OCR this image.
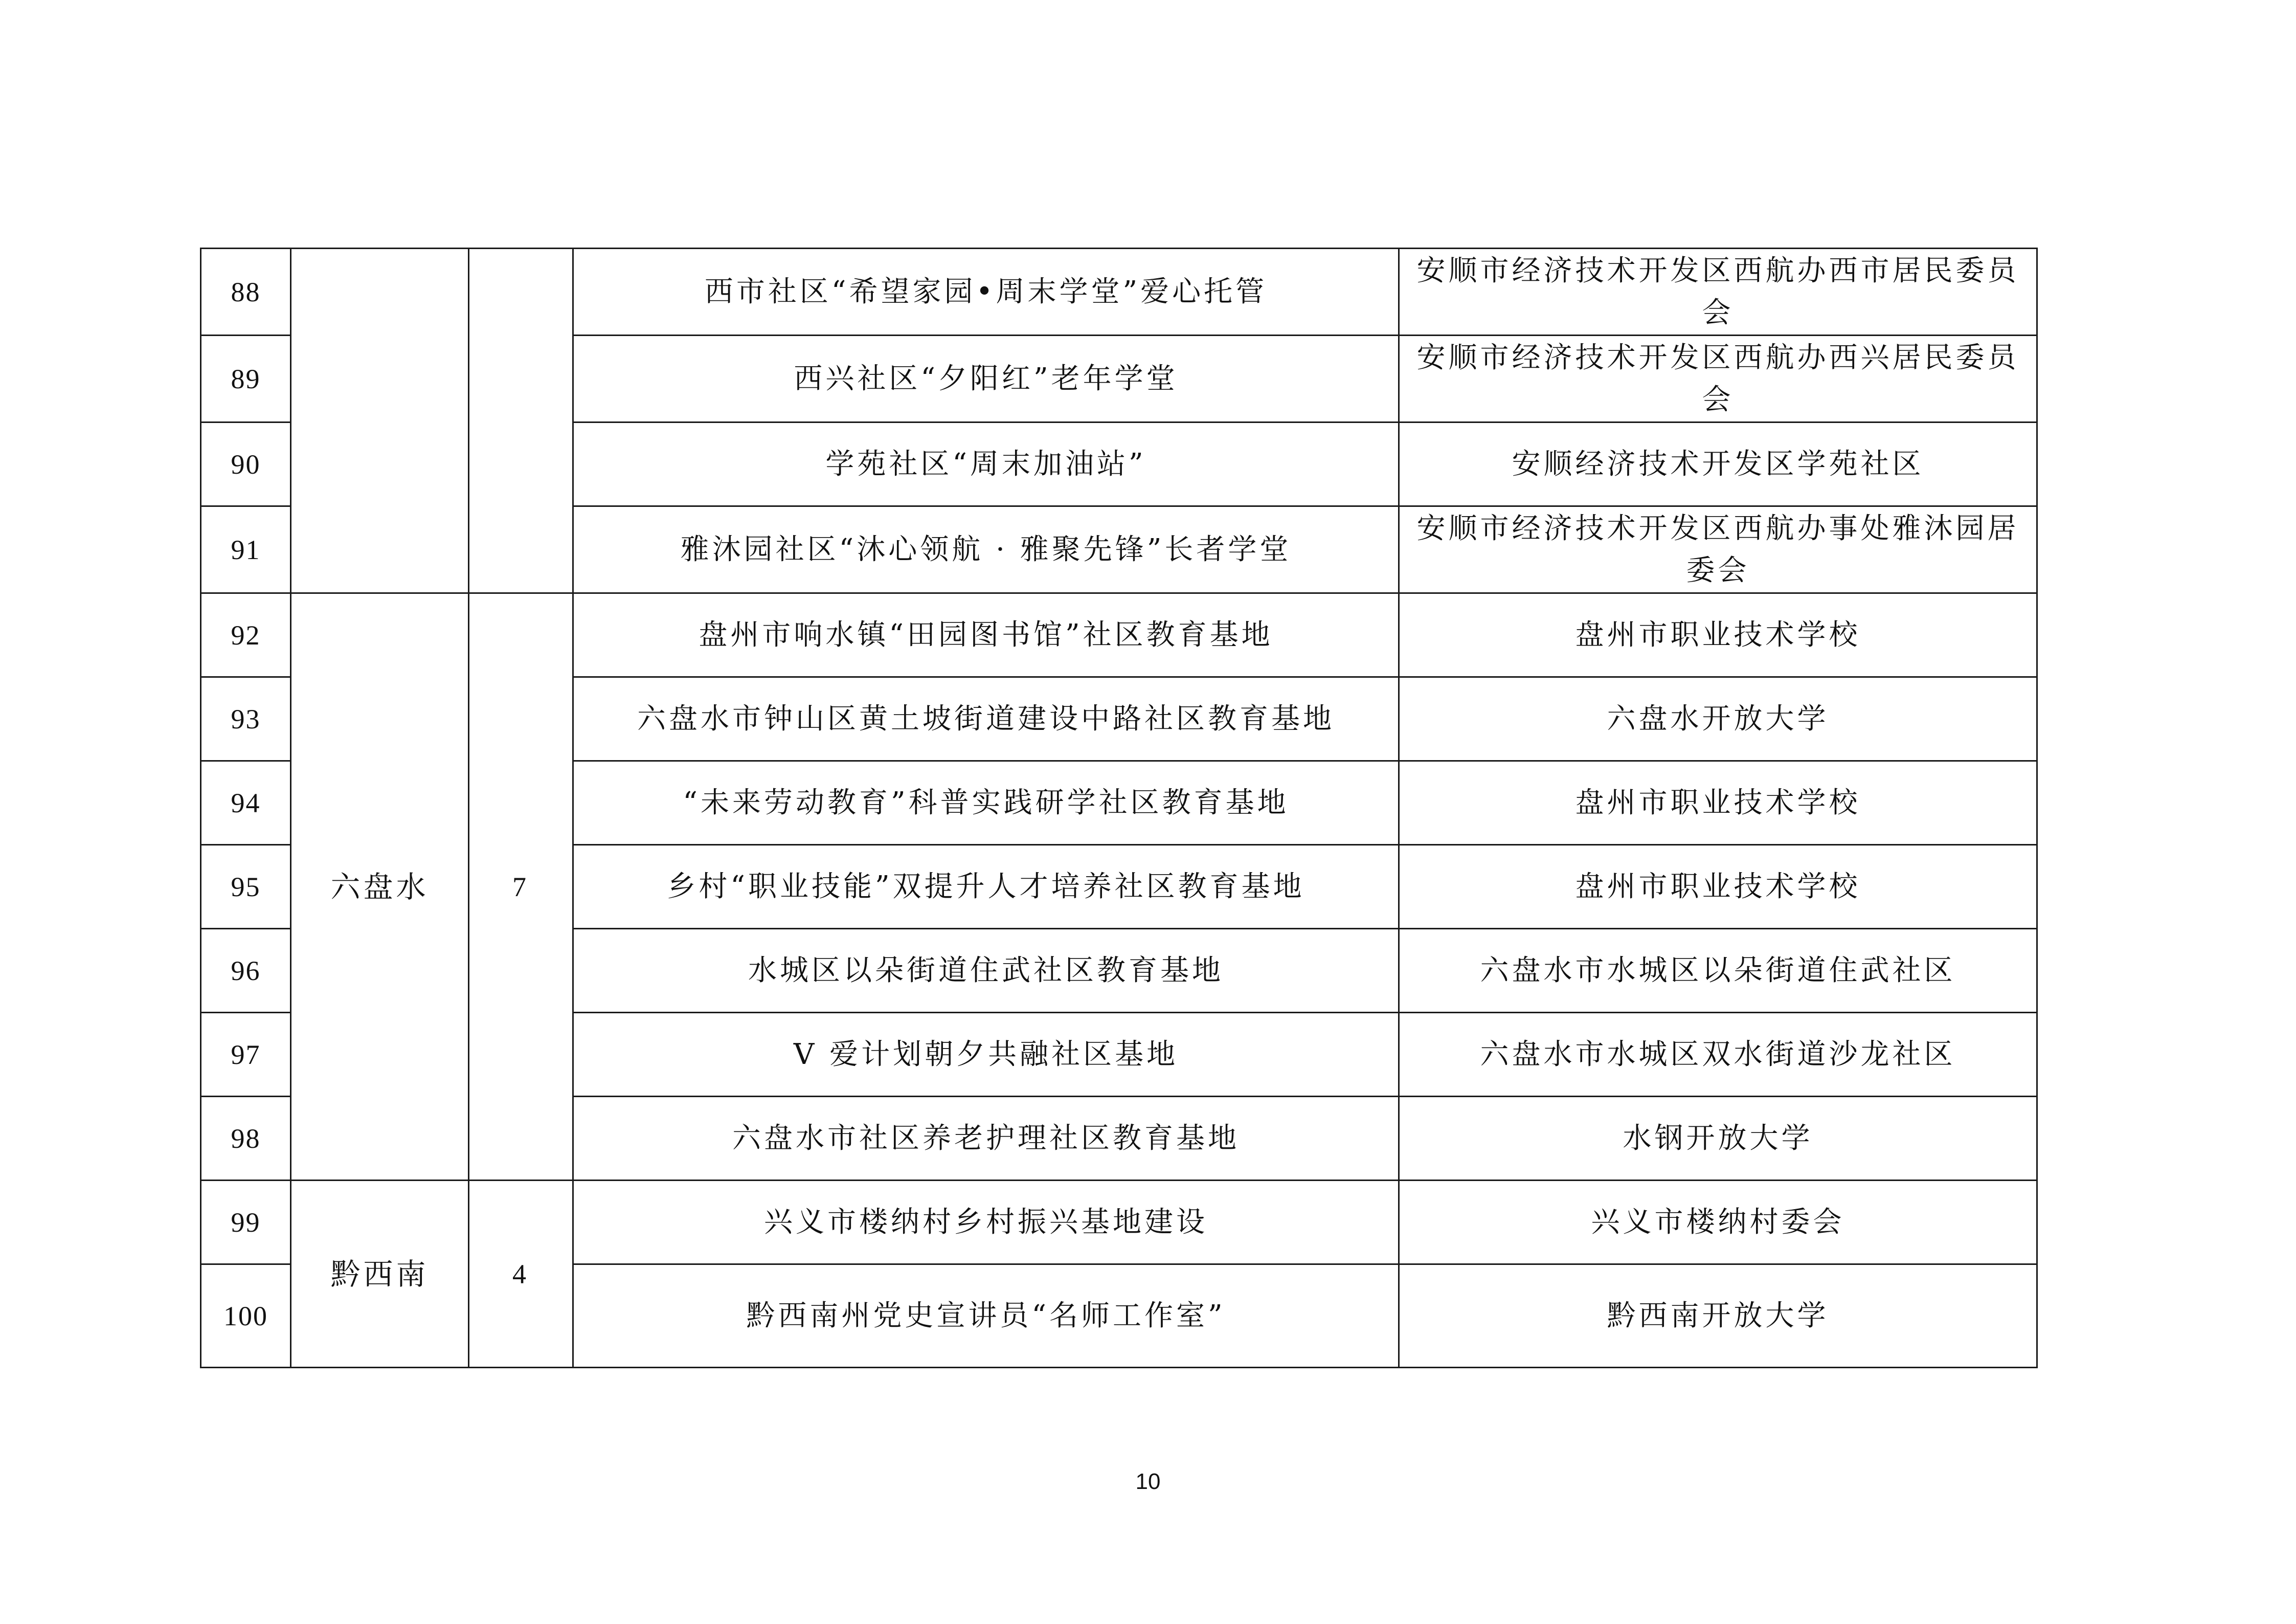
88			西市社区“希望家园•周末学堂”爱心托管	安顺市经济技术开发区西航办西市居民委员会
89			西兴社区“夕阳红”老年学堂	安顺市经济技术开发区西航办西兴居民委员会
90			学苑社区“周末加油站”	安顺经济技术开发区学苑社区
91			雅沐园社区“沐心领航 · 雅聚先锋”长者学堂	安顺市经济技术开发区西航办事处雅沐园居委会
92	六盘水	7	盘州市响水镇“田园图书馆”社区教育基地	盘州市职业技术学校
93			六盘水市钟山区黄土坡街道建设中路社区教育基地	六盘水开放大学
94			“未来劳动教育”科普实践研学社区教育基地	盘州市职业技术学校
95			乡村“职业技能”双提升人才培养社区教育基地	盘州市职业技术学校
96			水城区以朵街道住武社区教育基地	六盘水市水城区以朵街道住武社区
97			V 爱计划朝夕共融社区基地	六盘水市水城区双水街道沙龙社区
98			六盘水市社区养老护理社区教育基地	水钢开放大学
99	黔西南	4	兴义市楼纳村乡村振兴基地建设	兴义市楼纳村委会
100			黔西南州党史宣讲员“名师工作室”	黔西南开放大学
10
